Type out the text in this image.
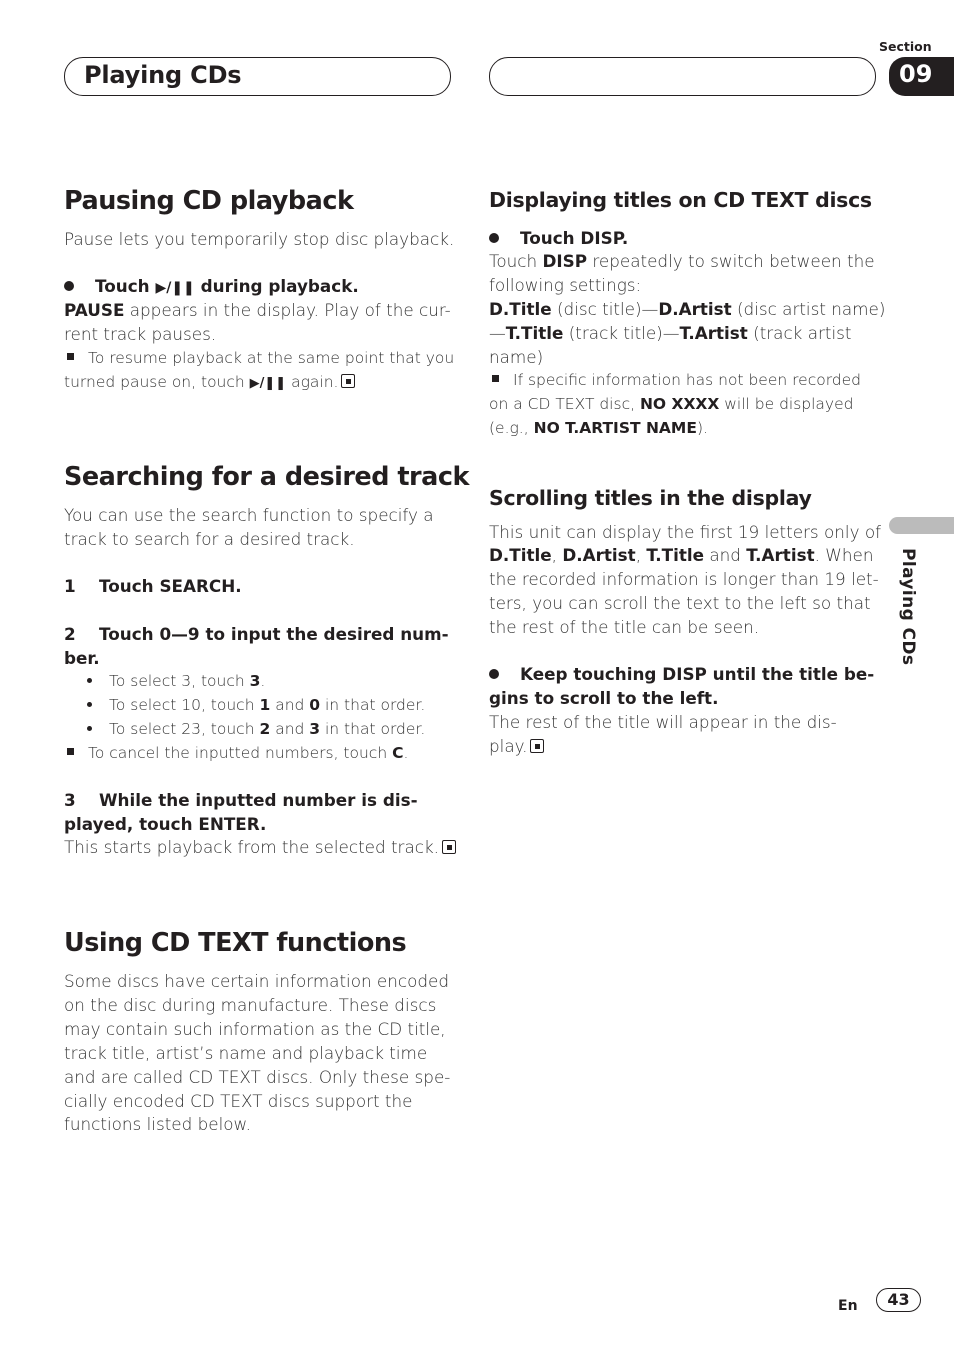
Playing CDs
Section
09
Playing CDs
Pausing CD playback
Pause lets you temporarily stop disc playback.
Touch ▶/❚❚ during playback.
PAUSE appears in the display. Play of the cur-
rent track pauses.
To resume playback at the same point that you
turned pause on, touch ▶/❚❚ again.
Searching for a desired track
You can use the search function to specify a
track to search for a desired track.
1    Touch SEARCH.
2    Touch 0—9 to input the desired num-
ber.
To select 3, touch 3.
To select 10, touch 1 and 0 in that order.
To select 23, touch 2 and 3 in that order.
To cancel the inputted numbers, touch C.
3    While the inputted number is dis-
played, touch ENTER.
This starts playback from the selected track.
Using CD TEXT functions
Some discs have certain information encoded
on the disc during manufacture. These discs
may contain such information as the CD title,
track title, artist’s name and playback time
and are called CD TEXT discs. Only these spe-
cially encoded CD TEXT discs support the
functions listed below.
Displaying titles on CD TEXT discs
Touch DISP.
Touch DISP repeatedly to switch between the
following settings:
D.Title (disc title)—D.Artist (disc artist name)
—T.Title (track title)—T.Artist (track artist
name)
If specific information has not been recorded
on a CD TEXT disc, NO XXXX will be displayed
(e.g., NO T.ARTIST NAME).
Scrolling titles in the display
This unit can display the first 19 letters only of
D.Title, D.Artist, T.Title and T.Artist. When
the recorded information is longer than 19 let-
ters, you can scroll the text to the left so that
the rest of the title can be seen.
Keep touching DISP until the title be-
gins to scroll to the left.
The rest of the title will appear in the dis-
play.
En	43
